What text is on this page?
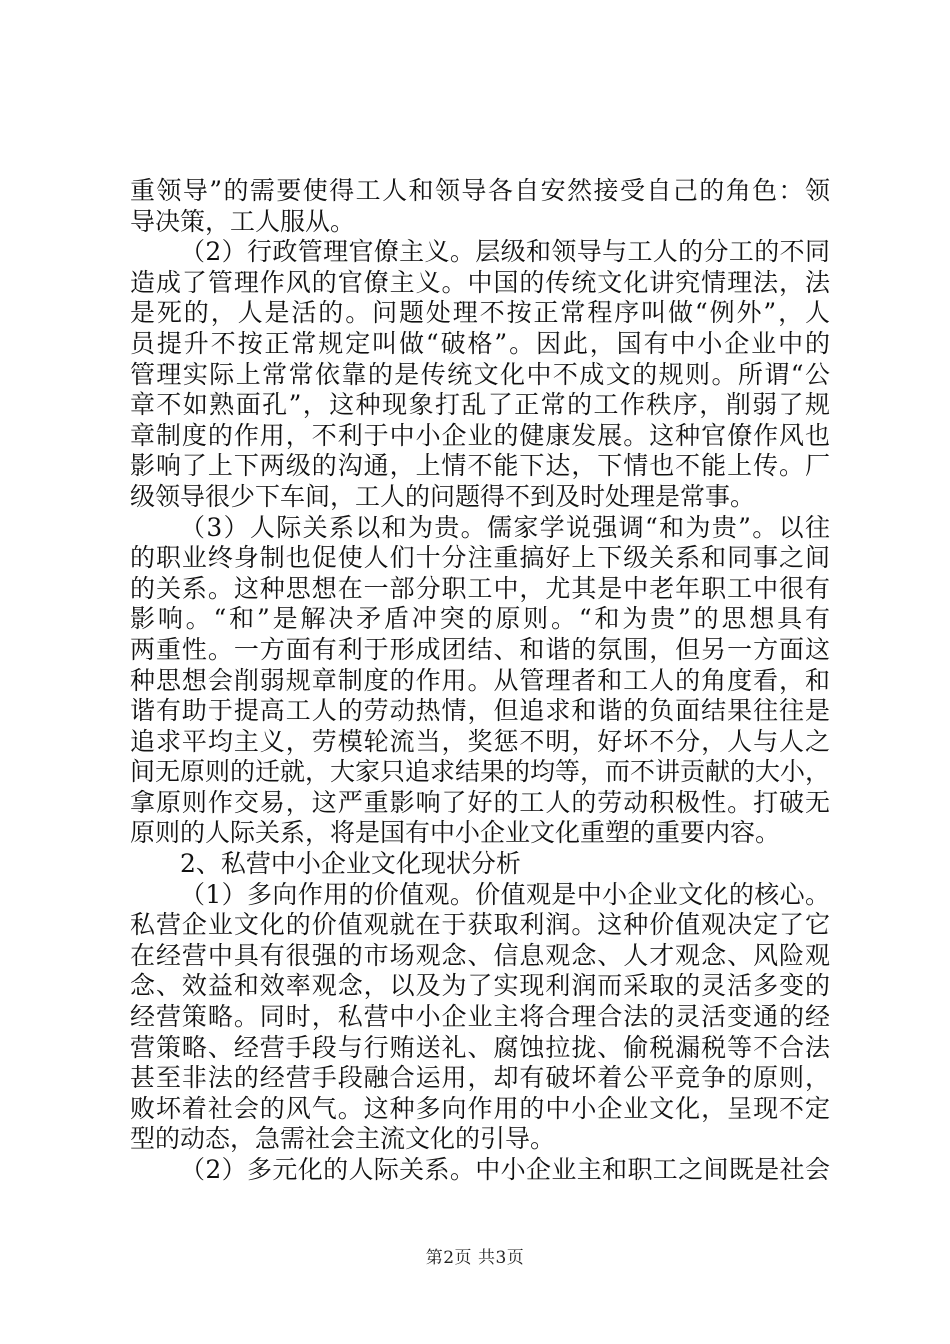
重领导”的需要使得工人和领导各自安然接受自己的角色：领
导决策，工人服从。
（2）行政管理官僚主义。层级和领导与工人的分工的不同
造成了管理作风的官僚主义。中国的传统文化讲究情理法，法
是死的，人是活的。问题处理不按正常程序叫做“例外”，人
员提升不按正常规定叫做“破格”。因此，国有中小企业中的
管理实际上常常依靠的是传统文化中不成文的规则。所谓“公
章不如熟面孔”，这种现象打乱了正常的工作秩序，削弱了规
章制度的作用，不利于中小企业的健康发展。这种官僚作风也
影响了上下两级的沟通，上情不能下达，下情也不能上传。厂
级领导很少下车间，工人的问题得不到及时处理是常事。
（3）人际关系以和为贵。儒家学说强调“和为贵”。以往
的职业终身制也促使人们十分注重搞好上下级关系和同事之间
的关系。这种思想在一部分职工中，尤其是中老年职工中很有
影响。“和”是解决矛盾冲突的原则。“和为贵”的思想具有
两重性。一方面有利于形成团结、和谐的氛围，但另一方面这
种思想会削弱规章制度的作用。从管理者和工人的角度看，和
谐有助于提高工人的劳动热情，但追求和谐的负面结果往往是
追求平均主义，劳模轮流当，奖惩不明，好坏不分，人与人之
间无原则的迁就，大家只追求结果的均等，而不讲贡献的大小，
拿原则作交易，这严重影响了好的工人的劳动积极性。打破无
原则的人际关系，将是国有中小企业文化重塑的重要内容。
2、私营中小企业文化现状分析
（1）多向作用的价值观。价值观是中小企业文化的核心。
私营企业文化的价值观就在于获取利润。这种价值观决定了它
在经营中具有很强的市场观念、信息观念、人才观念、风险观
念、效益和效率观念，以及为了实现利润而采取的灵活多变的
经营策略。同时，私营中小企业主将合理合法的灵活变通的经
营策略、经营手段与行贿送礼、腐蚀拉拢、偷税漏税等不合法
甚至非法的经营手段融合运用，却有破坏着公平竞争的原则，
败坏着社会的风气。这种多向作用的中小企业文化，呈现不定
型的动态，急需社会主流文化的引导。
（2）多元化的人际关系。中小企业主和职工之间既是社会
第2页 共3页
